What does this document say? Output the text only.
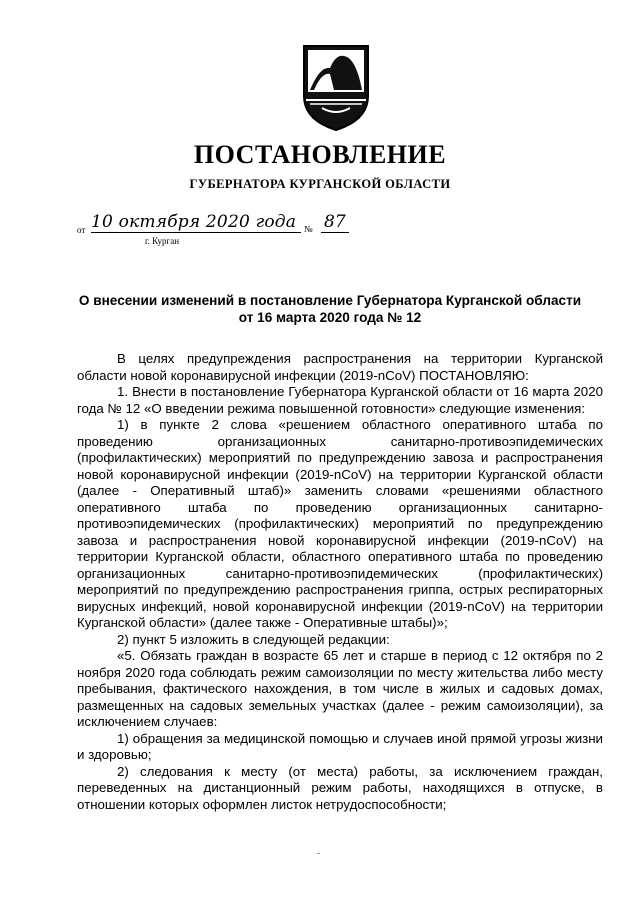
ПОСТАНОВЛЕНИЕ
ГУБЕРНАТОРА КУРГАНСКОЙ ОБЛАСТИ
от 10 октября 2020 года № 87
г. Курган
О внесении изменений в постановление Губернатора Курганской области
от 16 марта 2020 года № 12

В целях предупреждения распространения на территории Курганской области новой коронавирусной инфекции (2019-nCoV) ПОСТАНОВЛЯЮ:

1. Внести в постановление Губернатора Курганской области от 16 марта 2020 года № 12 «О введении режима повышенной готовности» следующие изменения:

1) в пункте 2 слова «решением областного оперативного штаба по проведению организационных санитарно-противоэпидемических (профилактических) мероприятий по предупреждению завоза и распространения новой коронавирусной инфекции (2019-nCoV) на территории Курганской области (далее - Оперативный штаб)» заменить словами «решениями областного оперативного штаба по проведению организационных санитарно-противоэпидемических (профилактических) мероприятий по предупреждению завоза и распространения новой коронавирусной инфекции (2019-nCoV) на территории Курганской области, областного оперативного штаба по проведению организационных санитарно-противоэпидемических (профилактических) мероприятий по предупреждению распространения гриппа, острых респираторных вирусных инфекций, новой коронавирусной инфекции (2019-nCoV) на территории Курганской области» (далее также - Оперативные штабы)»;

2) пункт 5 изложить в следующей редакции:

«5. Обязать граждан в возрасте 65 лет и старше в период с 12 октября по 2 ноября 2020 года соблюдать режим самоизоляции по месту жительства либо месту пребывания, фактического нахождения, в том числе в жилых и садовых домах, размещенных на садовых земельных участках (далее - режим самоизоляции), за исключением случаев:

1) обращения за медицинской помощью и случаев иной прямой угрозы жизни и здоровью;

2) следования к месту (от места) работы, за исключением граждан, переведенных на дистанционный режим работы, находящихся в отпуске, в отношении которых оформлен листок нетрудоспособности;
